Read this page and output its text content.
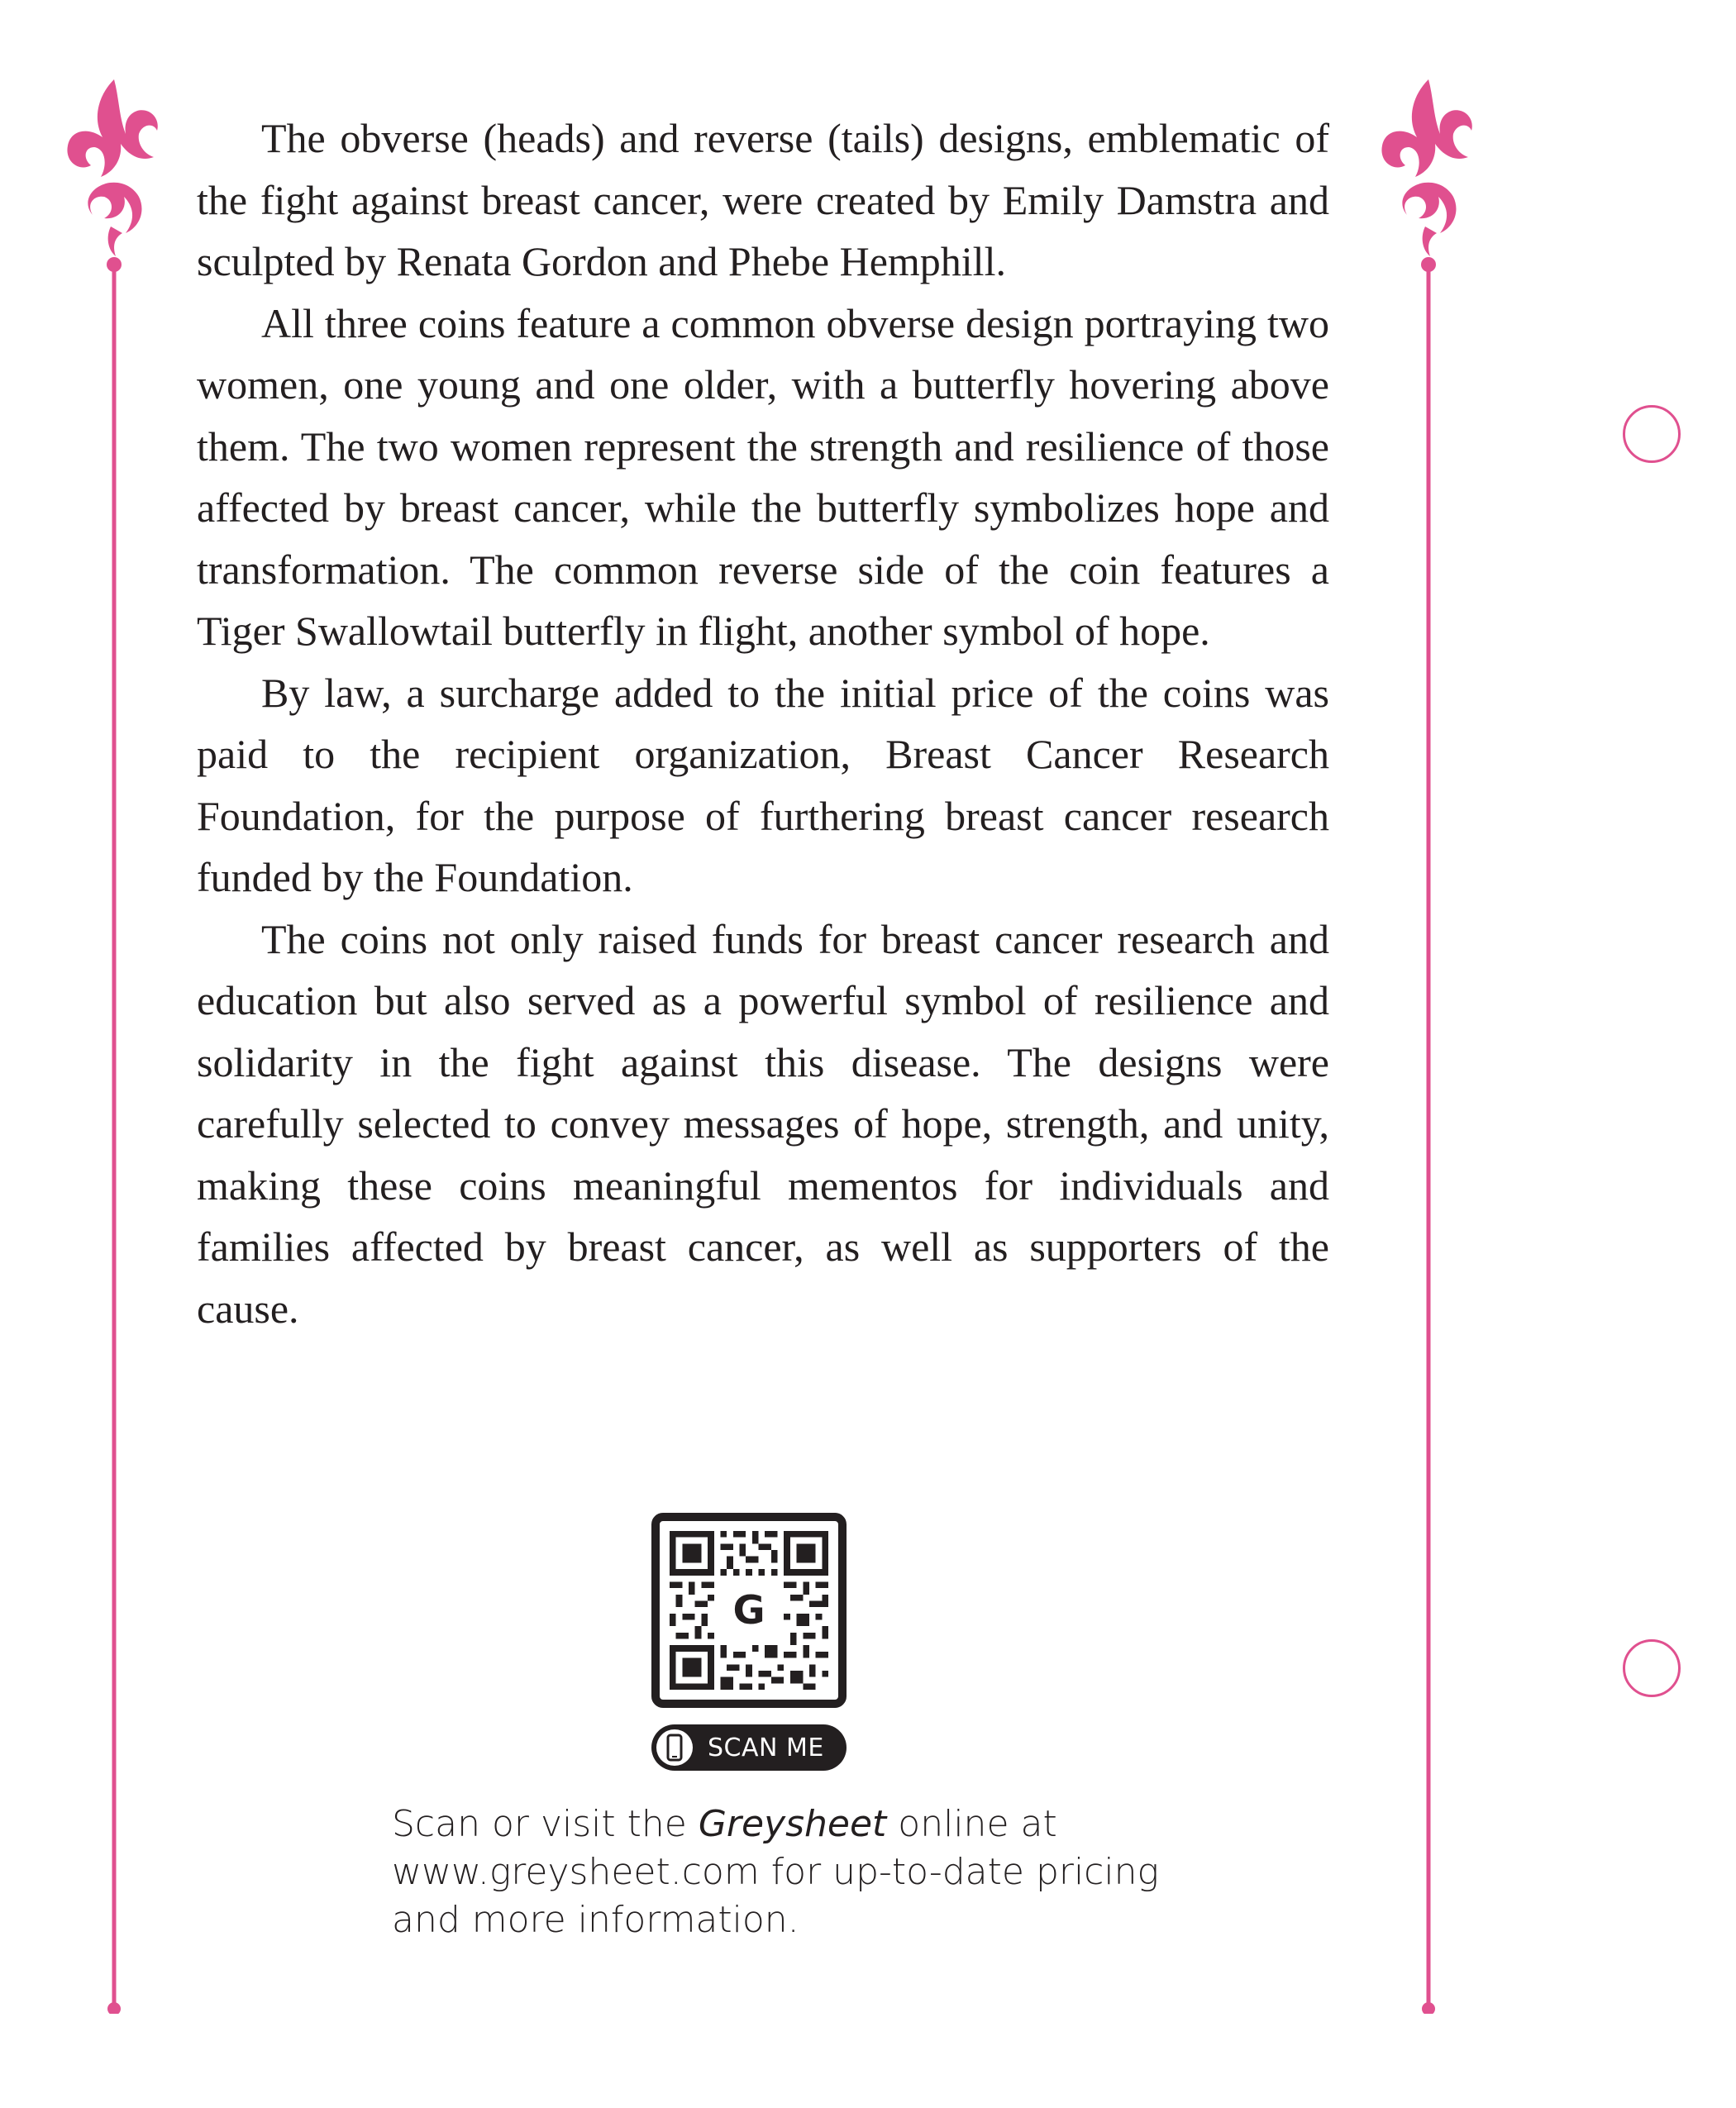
The obverse (heads) and reverse (tails) designs, emblematic of the fight against breast cancer, were created by Emily Damstra and sculpted by Renata Gordon and Phebe Hemphill.

All three coins feature a common obverse design portraying two women, one young and one older, with a butterfly hovering above them. The two women represent the strength and resilience of those affected by breast cancer, while the butterfly symbolizes hope and transformation. The common reverse side of the coin features a Tiger Swallowtail butterfly in flight, another symbol of hope.

By law, a surcharge added to the initial price of the coins was paid to the recipient organization, Breast Cancer Research Foundation, for the purpose of furthering breast cancer research funded by the Foundation.

The coins not only raised funds for breast cancer research and education but also served as a powerful symbol of resilience and solidarity in the fight against this disease. The designs were carefully selected to convey messages of hope, strength, and unity, making these coins meaningful mementos for individuals and families affected by breast cancer, as well as supporters of the cause.

G
SCAN ME

Scan or visit the Greysheet online at www.greysheet.com for up-to-date pricing and more information.
